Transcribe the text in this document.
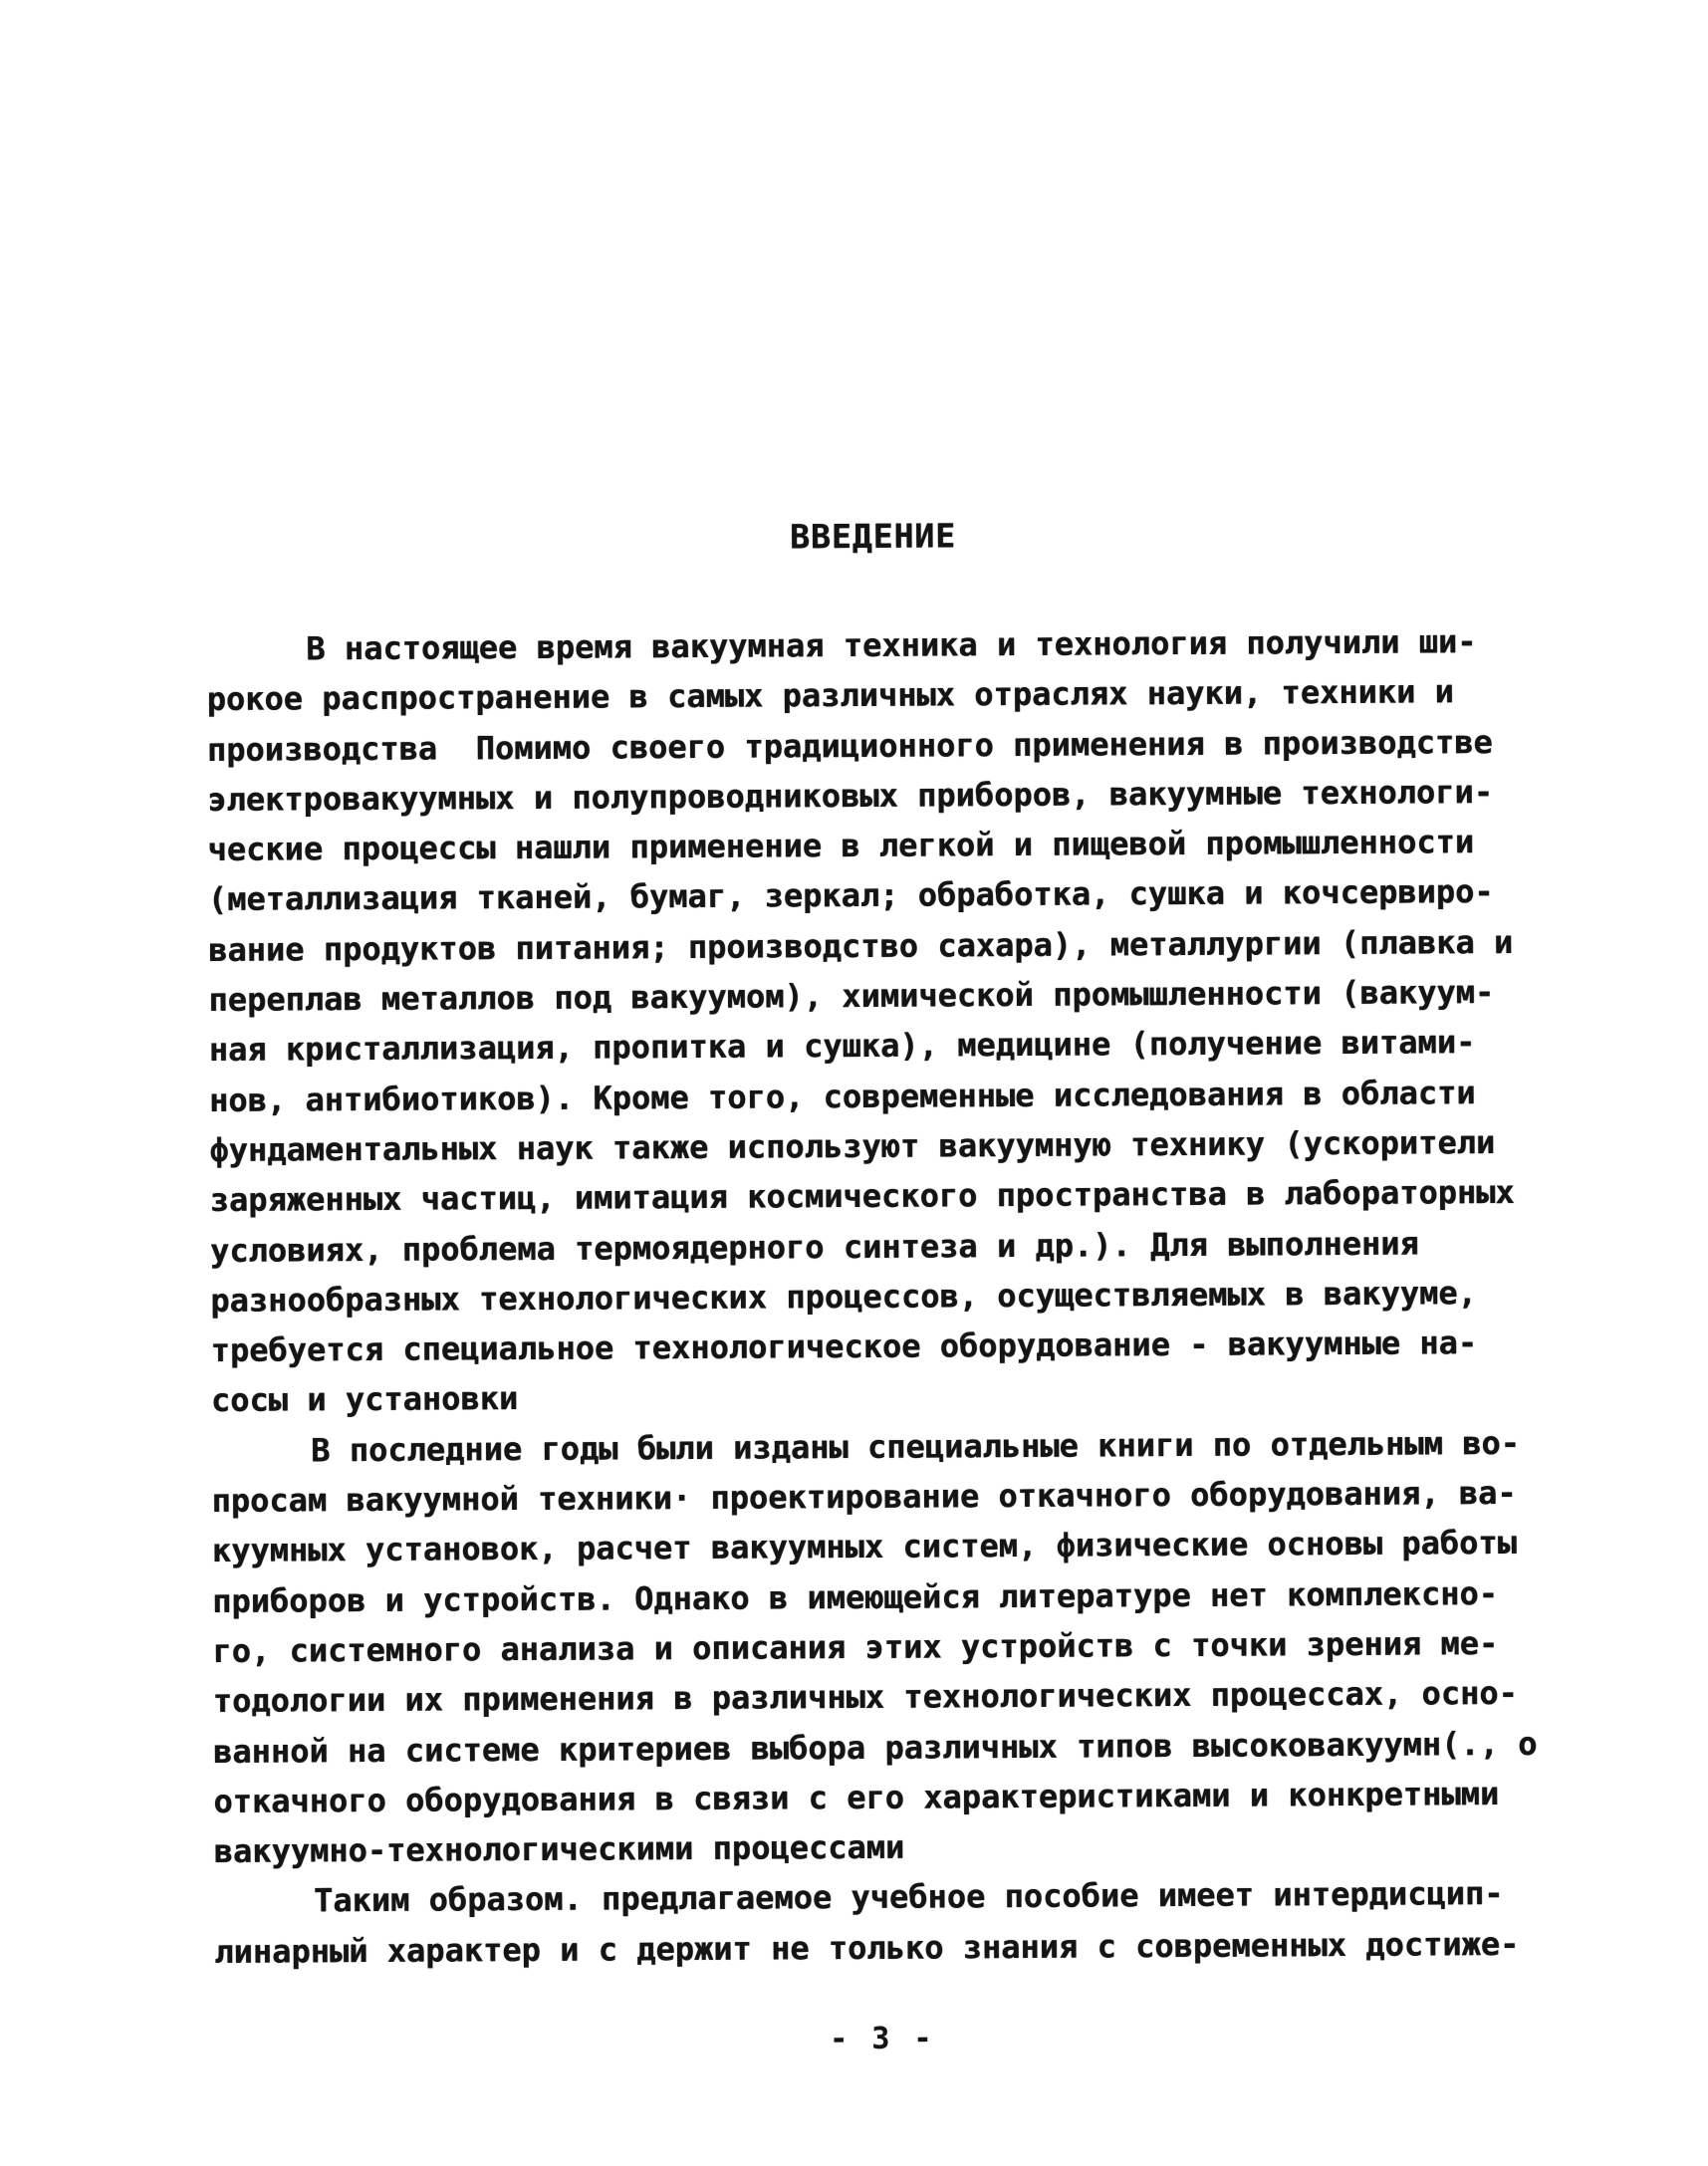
ВВЕДЕНИЕ
В настоящее время вакуумная техника и технология получили ши-
рокое распространение в самых различных отраслях науки, техники и
производства  Помимо своего традиционного применения в производстве
электровакуумных и полупроводниковых приборов, вакуумные технологи-
ческие процессы нашли применение в легкой и пищевой промышленности
(металлизация тканей, бумаг, зеркал; обработка, сушка и кочсервиро-
вание продуктов питания; производство сахара), металлургии (плавка и
переплав металлов под вакуумом), химической промышленности (вакуум-
ная кристаллизация, пропитка и сушка), медицине (получение витами-
нов, антибиотиков). Кроме того, современные исследования в области
фундаментальных наук также используют вакуумную технику (ускорители
заряженных частиц, имитация космического пространства в лабораторных
условиях, проблема термоядерного синтеза и др.). Для выполнения
разнообразных технологических процессов, осуществляемых в вакууме,
требуется специальное технологическое оборудование - вакуумные на-
сосы и установки
В последние годы были изданы специальные книги по отдельным во-
просам вакуумной техники· проектирование откачного оборудования, ва-
куумных установок, расчет вакуумных систем, физические основы работы
приборов и устройств. Однако в имеющейся литературе нет комплексно-
го, системного анализа и описания этих устройств с точки зрения ме-
тодологии их применения в различных технологических процессах, осно-
ванной на системе критериев выбора различных типов высоковакуумн(., о
откачного оборудования в связи с его характеристиками и конкретными
вакуумно-технологическими процессами
Таким образом. предлагаемое учебное пособие имеет интердисцип-
линарный характер и с держит не только знания с современных достиже-
- 3 -
